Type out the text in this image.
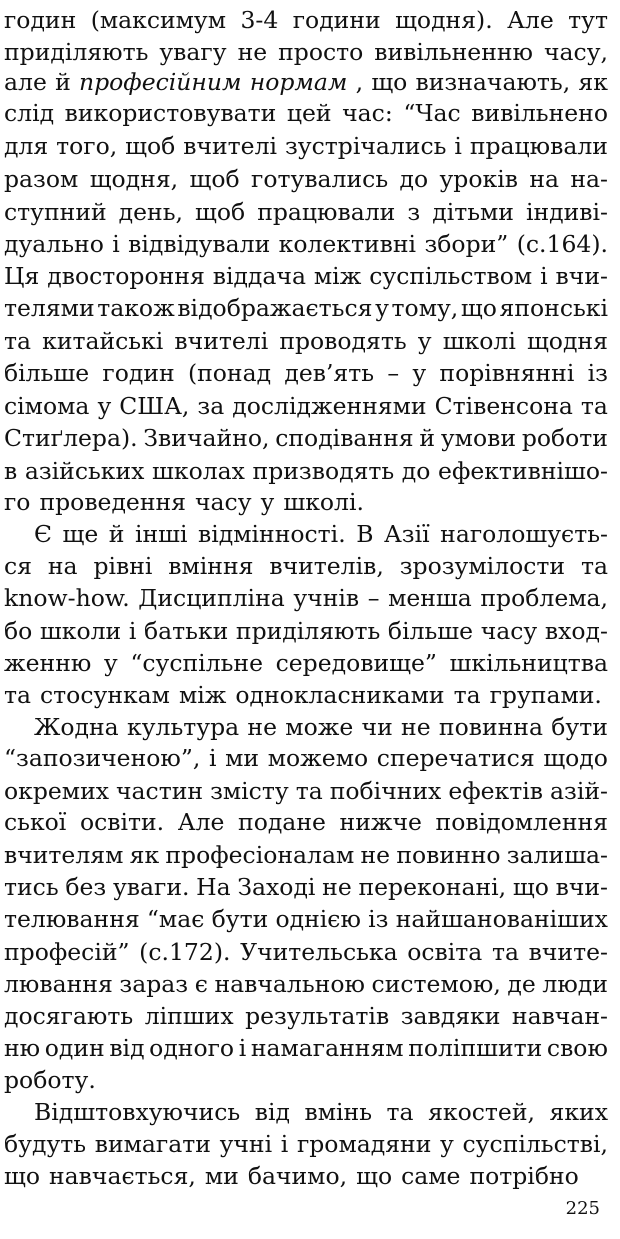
годин (максимум 3-4 години щодня). Але тут
приділяють увагу не просто вивільненню часу,
але й професійним нормам , що визначають, як
слід використовувати цей час: “Час вивільнено
для того, щоб вчителі зустрічались і працювали
разом щодня, щоб готувались до уроків на на-
ступний день, щоб працювали з дітьми індиві-
дуально і відвідували колективні збори” (с.164).
Ця двостороння віддача між суспільством і вчи-
телями також відображається у тому, що японські
та китайські вчителі проводять у школі щодня
більше годин (понад дев’ять – у порівнянні із
сімома у США, за дослідженнями Стівенсона та
Стиґлера). Звичайно, сподівання й умови роботи
в азійських школах призводять до ефективнішо-
го проведення часу у школі.
Є ще й інші відмінності. В Азії наголошуєть-
ся на рівні вміння вчителів, зрозумілости та
know-how. Дисципліна учнів – менша проблема,
бо школи і батьки приділяють більше часу вход-
женню у “суспільне середовище” шкільництва
та стосункам між однокласниками та групами.
Жодна культура не може чи не повинна бути
“запозиченою”, і ми можемо сперечатися щодо
окремих частин змісту та побічних ефектів азій-
ської освіти. Але подане нижче повідомлення
вчителям як професіоналам не повинно залиша-
тись без уваги. На Заході не переконані, що вчи-
телювання “має бути однією із найшанованіших
професій” (с.172). Учительська освіта та вчите-
лювання зараз є навчальною системою, де люди
досягають ліпших результатів завдяки навчан-
ню один від одного і намаганням поліпшити свою
роботу.
Відштовхуючись від вмінь та якостей, яких
будуть вимагати учні і громадяни у суспільстві,
що навчається, ми бачимо, що саме потрібно
225
